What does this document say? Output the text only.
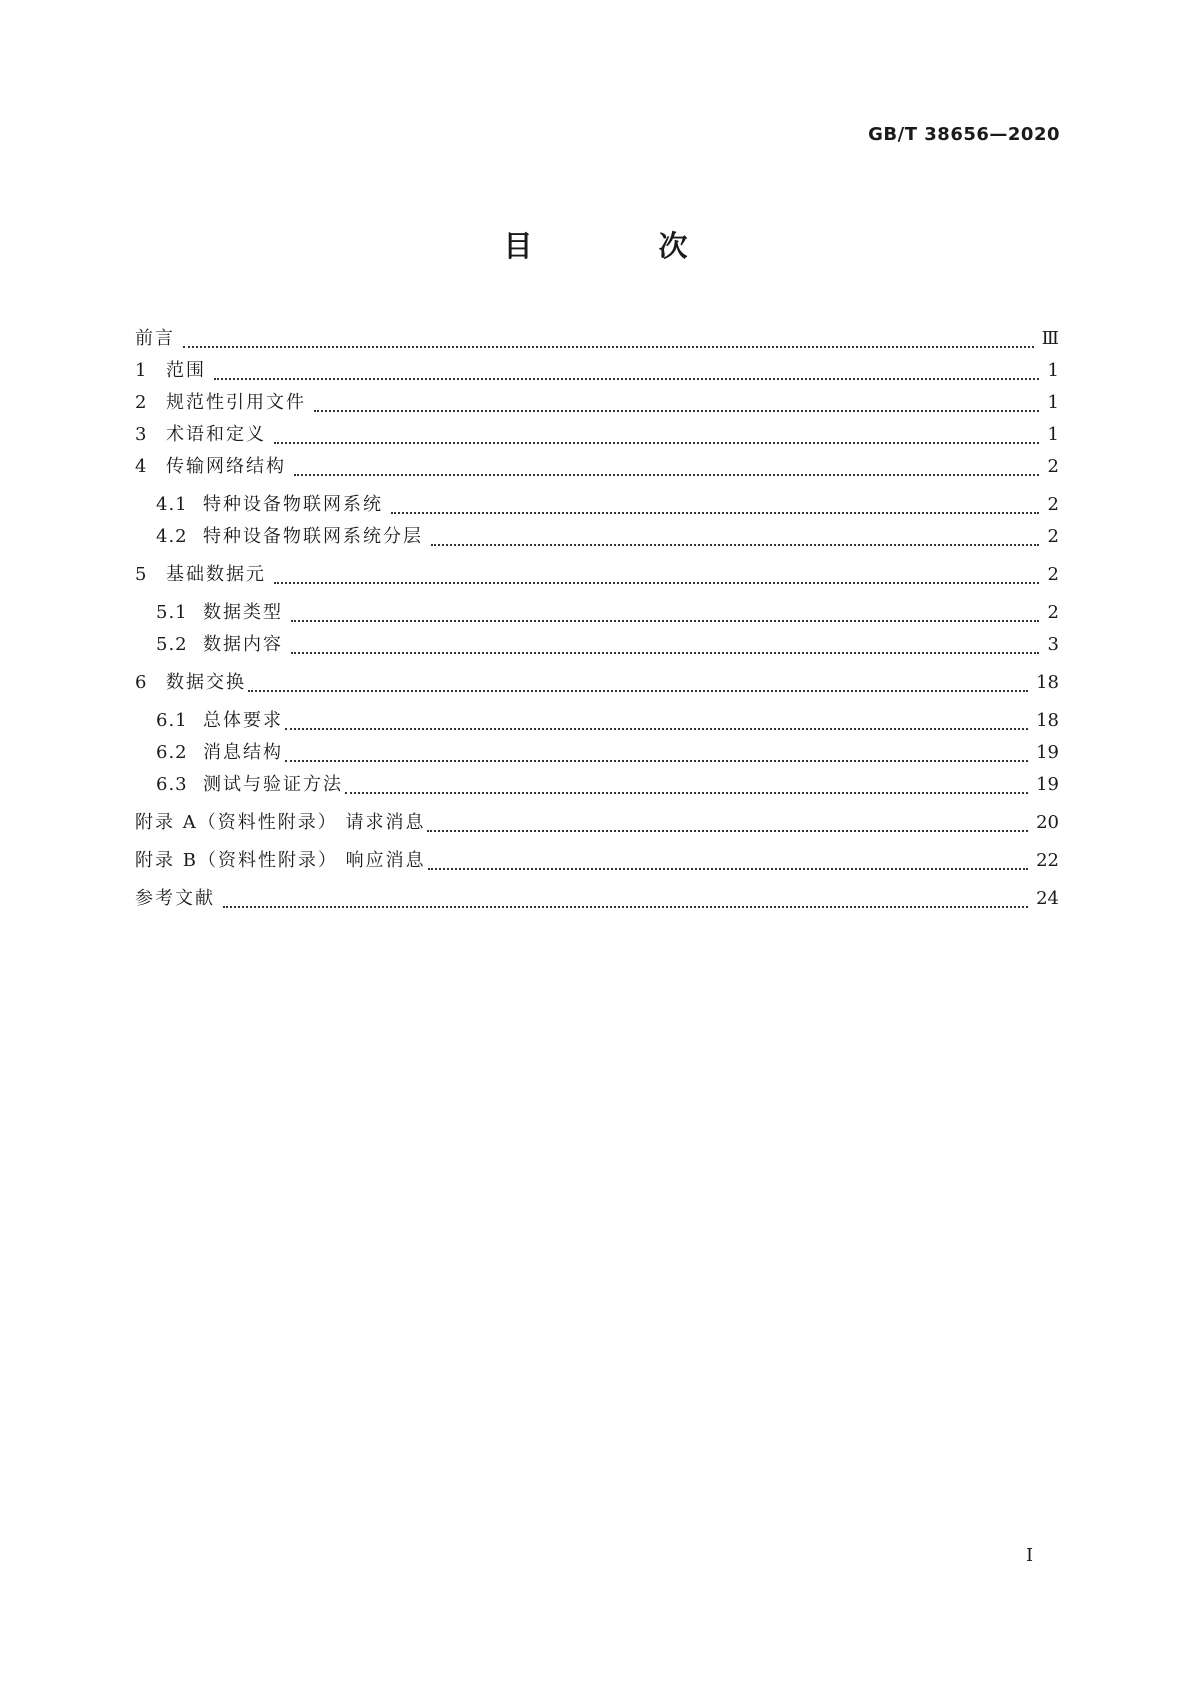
GB/T 38656—2020
目 次
前言	Ⅲ
1	范围	1
2	规范性引用文件	1
3	术语和定义	1
4	传输网络结构	2
4.1 特种设备物联网系统	2
4.2 特种设备物联网系统分层	2
5	基础数据元	2
5.1 数据类型	2
5.2 数据内容	3
6	数据交换	18
6.1 总体要求	18
6.2 消息结构	19
6.3 测试与验证方法	19
附录 A（资料性附录） 请求消息	20
附录 B（资料性附录） 响应消息	22
参考文献	24
I
